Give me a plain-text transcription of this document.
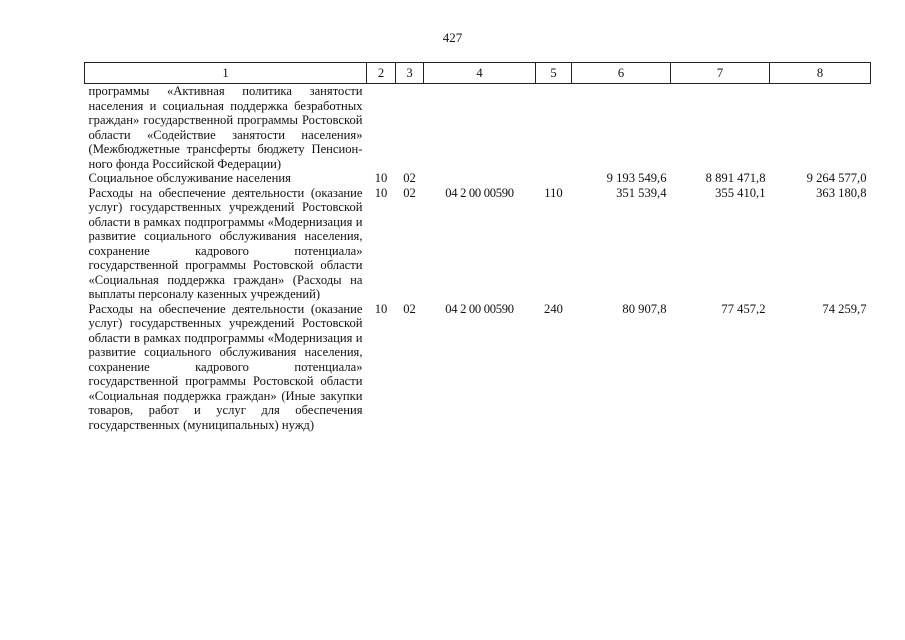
427
1	2	3	4	5	6	7	8
программы «Активная политика занятости населения и социальная поддержка безработных граждан» государственной программы Ростовской области «Содействие занятости населения» (Межбюджетные трансферты бюджету Пенсионного фонда Российской Федерации)							
Социальное обслуживание населения	10	02			9 193 549,6	8 891 471,8	9 264 577,0
Расходы на обеспечение деятельности (оказание услуг) государственных учреждений Ростовской области в рамках подпрограммы «Модернизация и развитие социального обслуживания населения, сохранение кадрового потенциала» государственной программы Ростовской области «Социальная поддержка граждан» (Расходы на выплаты персоналу казенных учреждений)	10	02	04 2 00 00590	110	351 539,4	355 410,1	363 180,8
Расходы на обеспечение деятельности (оказание услуг) государственных учреждений Ростовской области в рамках подпрограммы «Модернизация и развитие социального обслуживания населения, сохранение кадрового потенциала» государственной программы Ростовской области «Социальная поддержка граждан» (Иные закупки товаров, работ и услуг для обеспечения государственных (муниципальных) нужд)	10	02	04 2 00 00590	240	80 907,8	77 457,2	74 259,7
